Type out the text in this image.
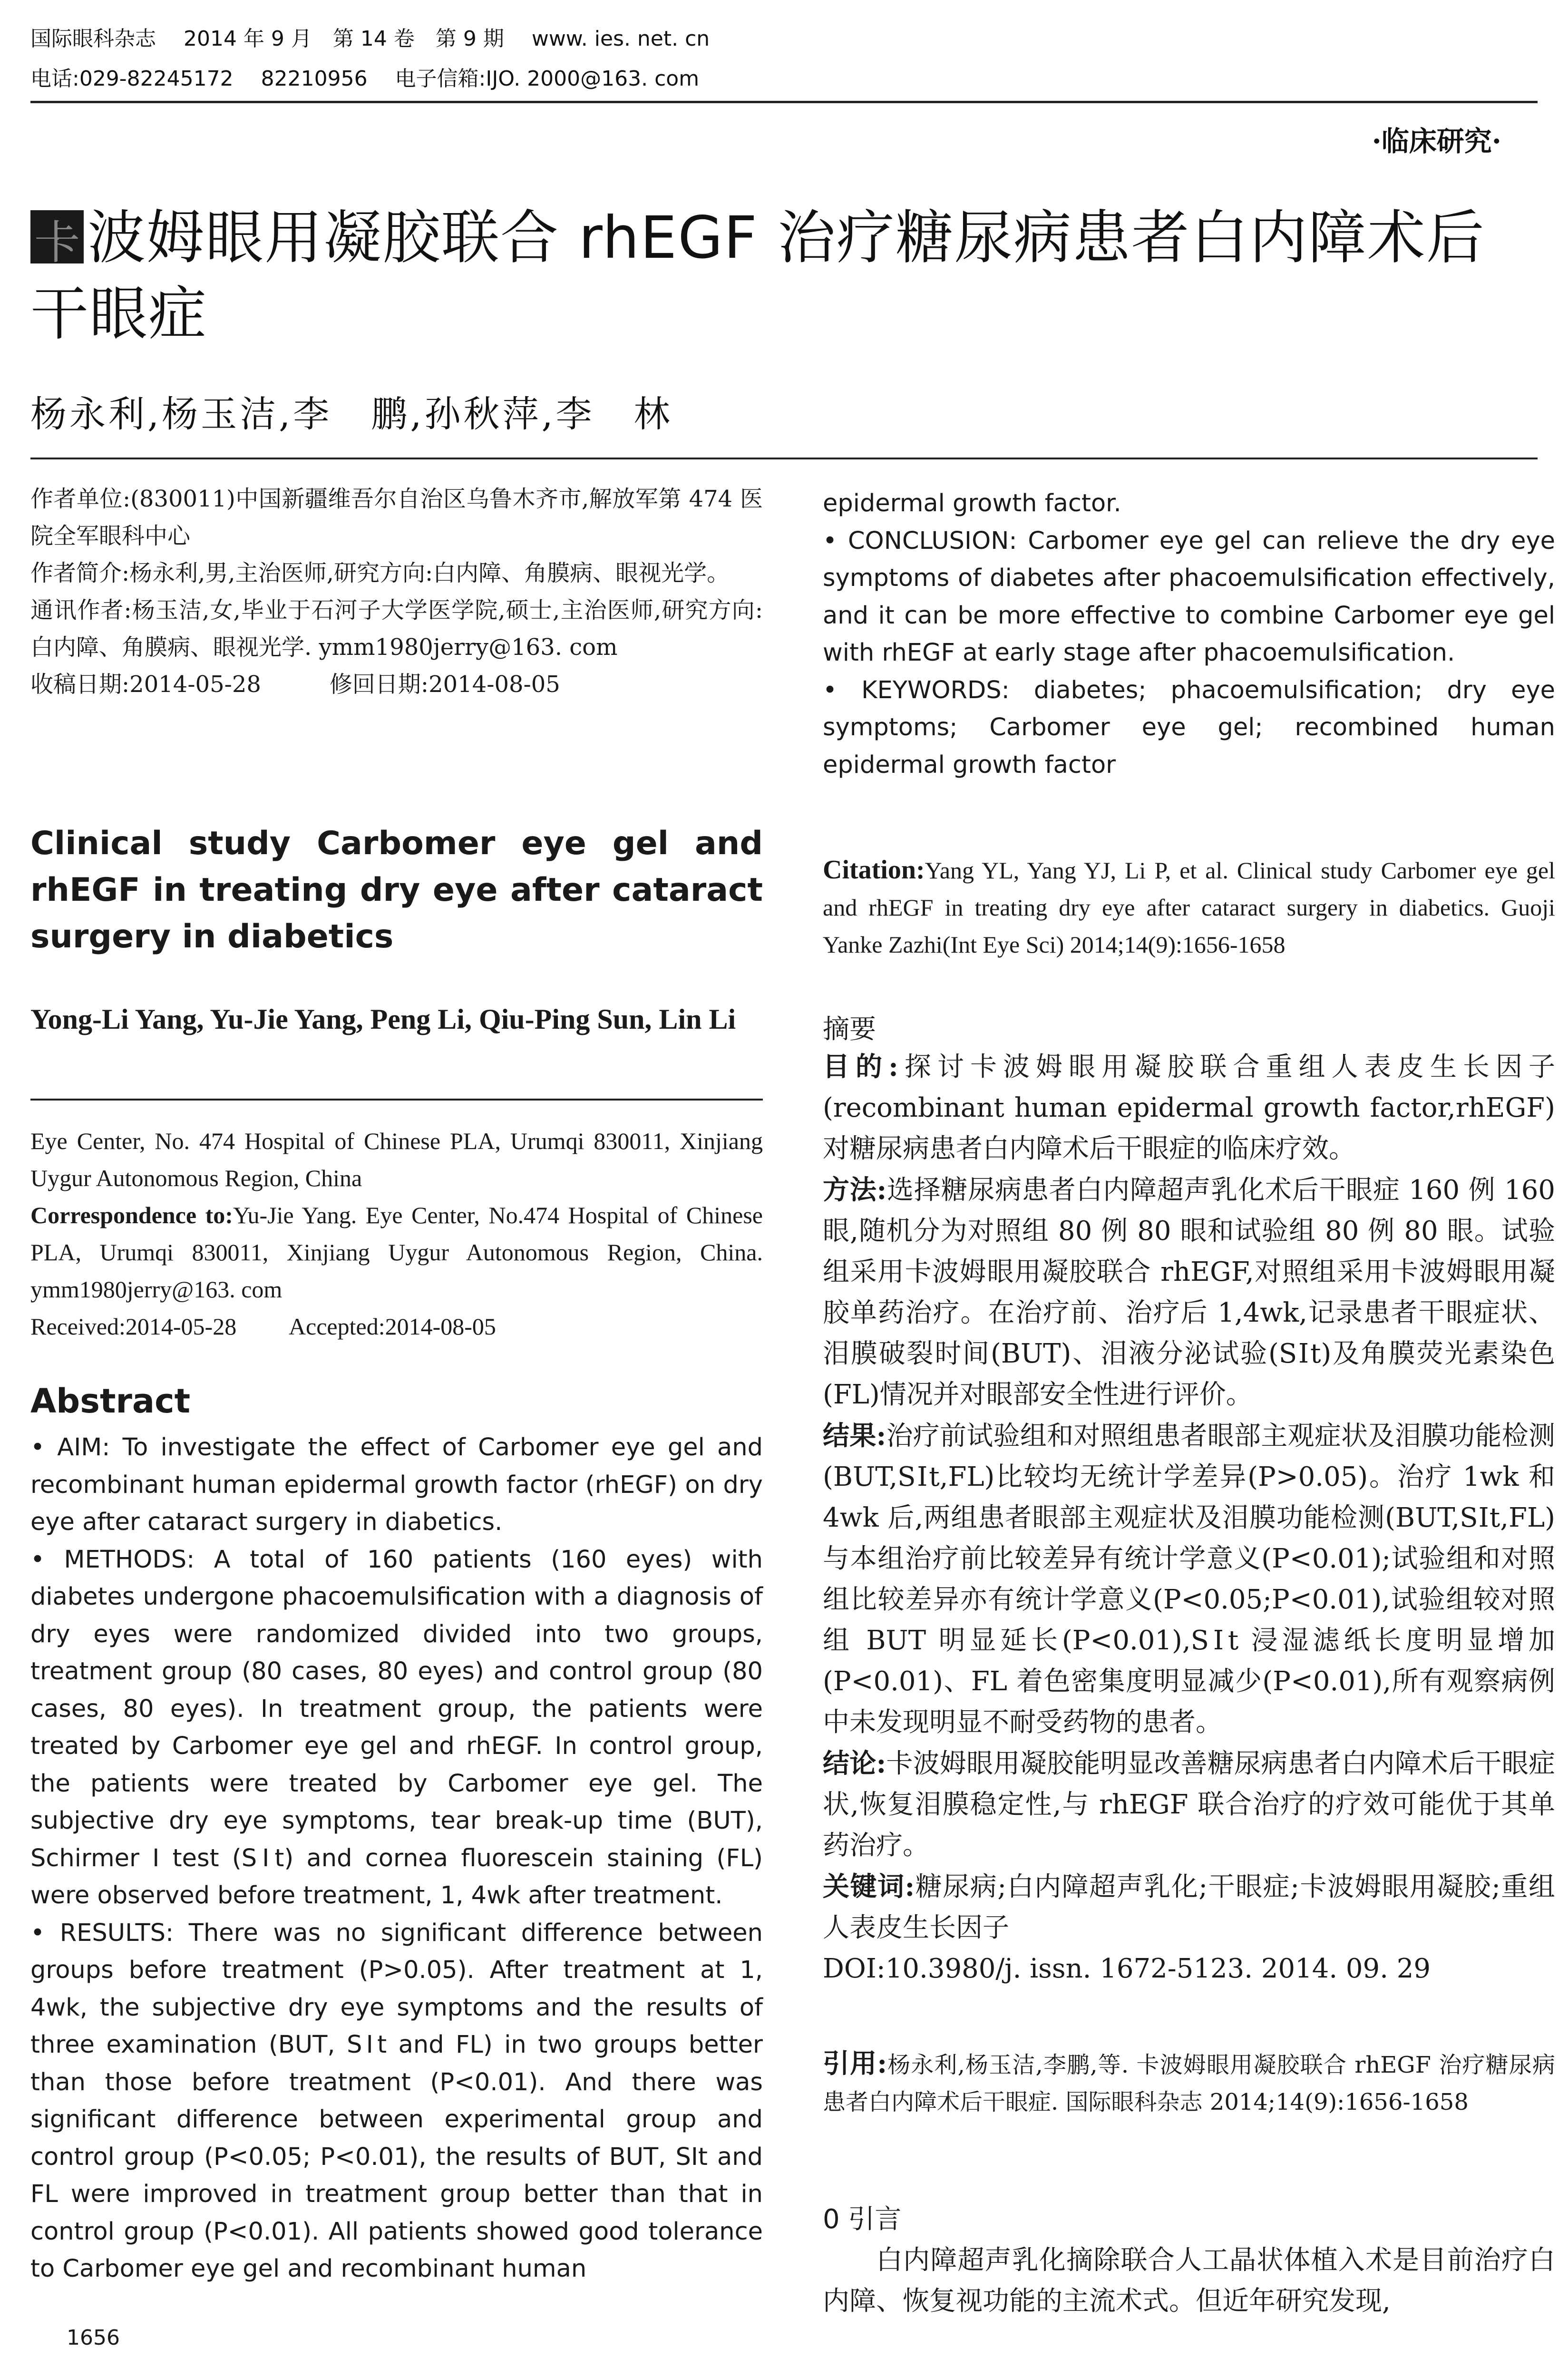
国际眼科杂志　 2014 年 9 月　第 14 卷　第 9 期　 www. ies. net. cn
电话:029-82245172　 82210956　 电子信箱:IJO. 2000@163. com
·临床研究·
卡波姆眼用凝胶联合 rhEGF 治疗糖尿病患者白内障术后干眼症
杨永利,杨玉洁,李　鹏,孙秋萍,李　林

作者单位:(830011)中国新疆维吾尔自治区乌鲁木齐市,解放军第 474 医院全军眼科中心

作者简介:杨永利,男,主治医师,研究方向:白内障、角膜病、眼视光学。

通讯作者:杨玉洁,女,毕业于石河子大学医学院,硕士,主治医师,研究方向:白内障、角膜病、眼视光学. ymm1980jerry@163. com

收稿日期:2014-05-28　　　修回日期:2014-08-05

Clinical study Carbomer eye gel and rhEGF in treating dry eye after cataract surgery in diabetics
Yong-Li Yang, Yu-Jie Yang, Peng Li, Qiu-Ping Sun, Lin Li

Eye Center, No. 474 Hospital of Chinese PLA, Urumqi 830011, Xinjiang Uygur Autonomous Region, China

Correspondence to:Yu-Jie Yang. Eye Center, No.474 Hospital of Chinese PLA, Urumqi 830011, Xinjiang Uygur Autonomous Region, China. ymm1980jerry@163. com

Received:2014-05-28　　 Accepted:2014-08-05

Abstract

• AIM: To investigate the effect of Carbomer eye gel and recombinant human epidermal growth factor (rhEGF) on dry eye after cataract surgery in diabetics.

• METHODS: A total of 160 patients (160 eyes) with diabetes undergone phacoemulsification with a diagnosis of dry eyes were randomized divided into two groups, treatment group (80 cases, 80 eyes) and control group (80 cases, 80 eyes). In treatment group, the patients were treated by Carbomer eye gel and rhEGF. In control group, the patients were treated by Carbomer eye gel. The subjective dry eye symptoms, tear break-up time (BUT), Schirmer I test (SⅠt) and cornea fluorescein staining (FL) were observed before treatment, 1, 4wk after treatment.

• RESULTS: There was no significant difference between groups before treatment (P>0.05). After treatment at 1, 4wk, the subjective dry eye symptoms and the results of three examination (BUT, SⅠt and FL) in two groups better than those before treatment (P<0.01). And there was significant difference between experimental group and control group (P<0.05; P<0.01), the results of BUT, SIt and FL were improved in treatment group better than that in control group (P<0.01). All patients showed good tolerance to Carbomer eye gel and recombinant human

1656

epidermal growth factor.

• CONCLUSION: Carbomer eye gel can relieve the dry eye symptoms of diabetes after phacoemulsification effectively, and it can be more effective to combine Carbomer eye gel with rhEGF at early stage after phacoemulsification.

• KEYWORDS: diabetes; phacoemulsification; dry eye symptoms; Carbomer eye gel; recombined human epidermal growth factor

Citation:Yang YL, Yang YJ, Li P, et al. Clinical study Carbomer eye gel and rhEGF in treating dry eye after cataract surgery in diabetics. Guoji Yanke Zazhi(Int Eye Sci) 2014;14(9):1656-1658
摘要

目的:探讨卡波姆眼用凝胶联合重组人表皮生长因子(recombinant human epidermal growth factor,rhEGF)对糖尿病患者白内障术后干眼症的临床疗效。

方法:选择糖尿病患者白内障超声乳化术后干眼症 160 例 160 眼,随机分为对照组 80 例 80 眼和试验组 80 例 80 眼。试验组采用卡波姆眼用凝胶联合 rhEGF,对照组采用卡波姆眼用凝胶单药治疗。在治疗前、治疗后 1,4wk,记录患者干眼症状、泪膜破裂时间(BUT)、泪液分泌试验(SⅠt)及角膜荧光素染色(FL)情况并对眼部安全性进行评价。

结果:治疗前试验组和对照组患者眼部主观症状及泪膜功能检测(BUT,SⅠt,FL)比较均无统计学差异(P>0.05)。治疗 1wk 和 4wk 后,两组患者眼部主观症状及泪膜功能检测(BUT,SⅠt,FL)与本组治疗前比较差异有统计学意义(P<0.01);试验组和对照组比较差异亦有统计学意义(P<0.05;P<0.01),试验组较对照组 BUT 明显延长(P<0.01),SⅠt 浸湿滤纸长度明显增加(P<0.01)、FL 着色密集度明显减少(P<0.01),所有观察病例中未发现明显不耐受药物的患者。

结论:卡波姆眼用凝胶能明显改善糖尿病患者白内障术后干眼症状,恢复泪膜稳定性,与 rhEGF 联合治疗的疗效可能优于其单药治疗。

关键词:糖尿病;白内障超声乳化;干眼症;卡波姆眼用凝胶;重组人表皮生长因子

DOI:10.3980/j. issn. 1672-5123. 2014. 09. 29

引用:杨永利,杨玉洁,李鹏,等. 卡波姆眼用凝胶联合 rhEGF 治疗糖尿病患者白内障术后干眼症. 国际眼科杂志 2014;14(9):1656-1658
0 引言
白内障超声乳化摘除联合人工晶状体植入术是目前治疗白内障、恢复视功能的主流术式。但近年研究发现,
